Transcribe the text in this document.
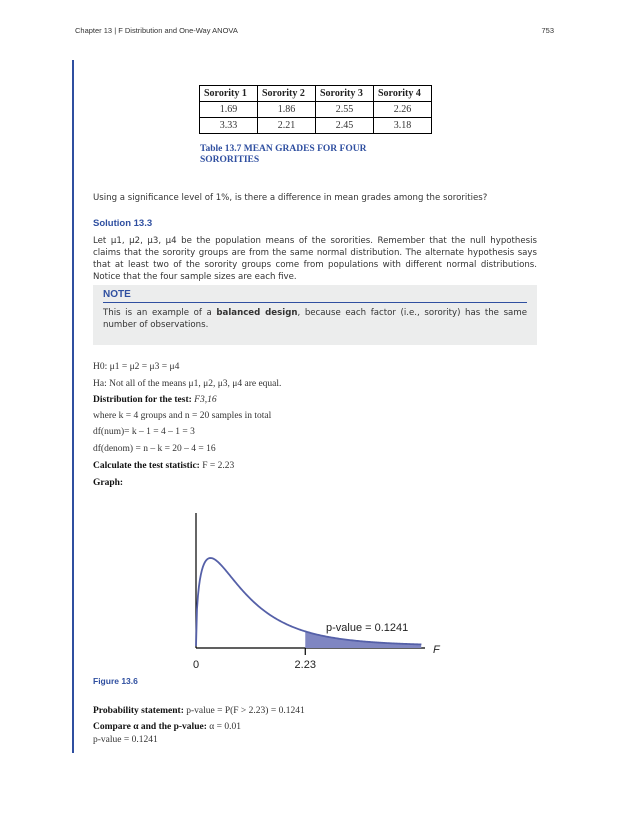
Chapter 13 | F Distribution and One-Way ANOVA	753
Sorority 1	Sorority 2	Sorority 3	Sorority 4
1.69	1.86	2.55	2.26
3.33	2.21	2.45	3.18
Table 13.7 MEAN GRADES FOR FOUR SORORITIES
Using a significance level of 1%, is there a difference in mean grades among the sororities?
Solution 13.3
Let μ1, μ2, μ3, μ4 be the population means of the sororities. Remember that the null hypothesis claims that the sorority groups are from the same normal distribution. The alternate hypothesis says that at least two of the sorority groups come from populations with different normal distributions. Notice that the four sample sizes are each five.
NOTE
This is an example of a balanced design, because each factor (i.e., sorority) has the same number of observations.
H0: μ1 = μ2 = μ3 = μ4
Ha: Not all of the means μ1, μ2, μ3, μ4 are equal.
Distribution for the test: F3,16
where k = 4 groups and n = 20 samples in total
df(num)= k – 1 = 4 – 1 = 3
df(denom) = n – k = 20 – 4 = 16
Calculate the test statistic: F = 2.23
Graph:
0	2.23
p-value = 0.1241
F
Figure 13.6
Probability statement: p-value = P(F > 2.23) = 0.1241
Compare α and the p-value: α = 0.01
p-value = 0.1241
